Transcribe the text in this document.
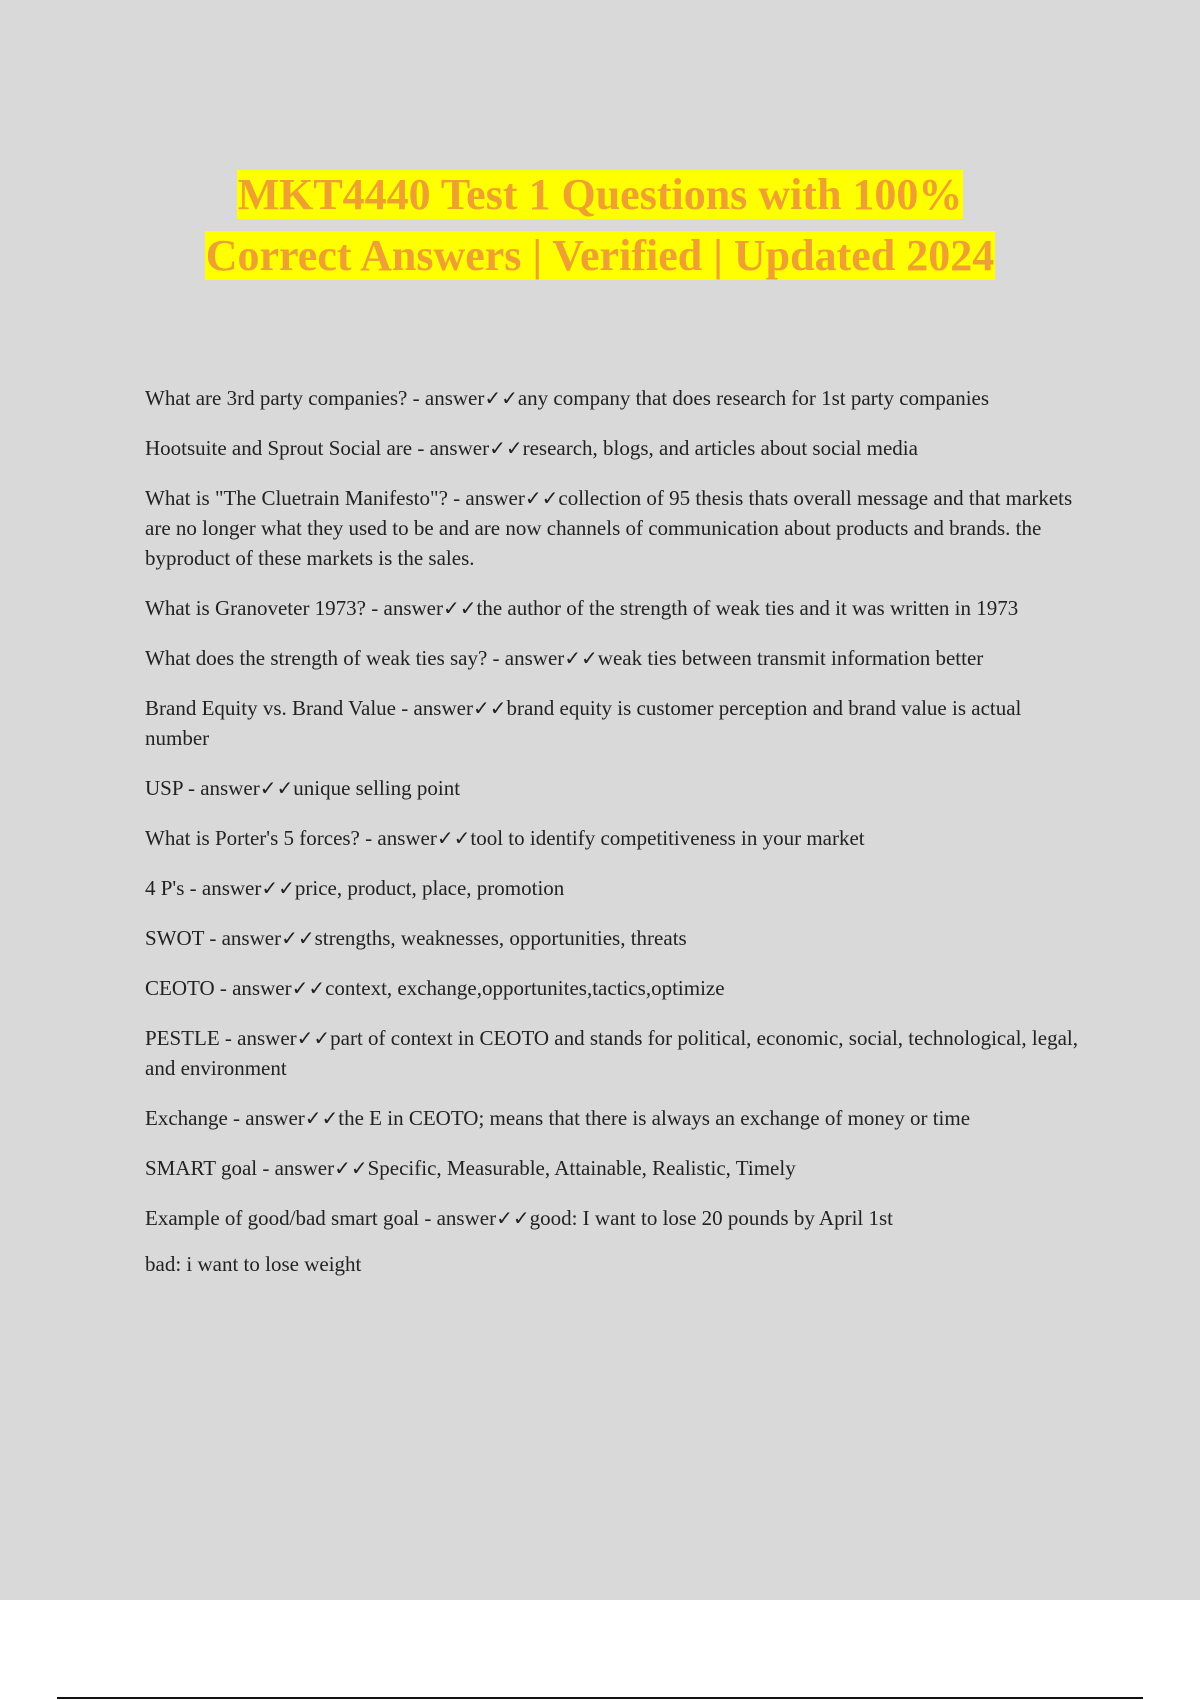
MKT4440 Test 1 Questions with 100%
Correct Answers | Verified | Updated 2024

What are 3rd party companies? - answer✓✓any company that does research for 1st party companies

Hootsuite and Sprout Social are - answer✓✓research, blogs, and articles about social media

What is "The Cluetrain Manifesto"? - answer✓✓collection of 95 thesis thats overall message and that markets are no longer what they used to be and are now channels of communication about products and brands. the byproduct of these markets is the sales.

What is Granoveter 1973? - answer✓✓the author of the strength of weak ties and it was written in 1973

What does the strength of weak ties say? - answer✓✓weak ties between transmit information better

Brand Equity vs. Brand Value - answer✓✓brand equity is customer perception and brand value is actual number

USP - answer✓✓unique selling point

What is Porter's 5 forces? - answer✓✓tool to identify competitiveness in your market

4 P's - answer✓✓price, product, place, promotion

SWOT - answer✓✓strengths, weaknesses, opportunities, threats

CEOTO - answer✓✓context, exchange,opportunites,tactics,optimize

PESTLE - answer✓✓part of context in CEOTO and stands for political, economic, social, technological, legal, and environment

Exchange - answer✓✓the E in CEOTO; means that there is always an exchange of money or time

SMART goal - answer✓✓Specific, Measurable, Attainable, Realistic, Timely

Example of good/bad smart goal - answer✓✓good: I want to lose 20 pounds by April 1st

bad: i want to lose weight
